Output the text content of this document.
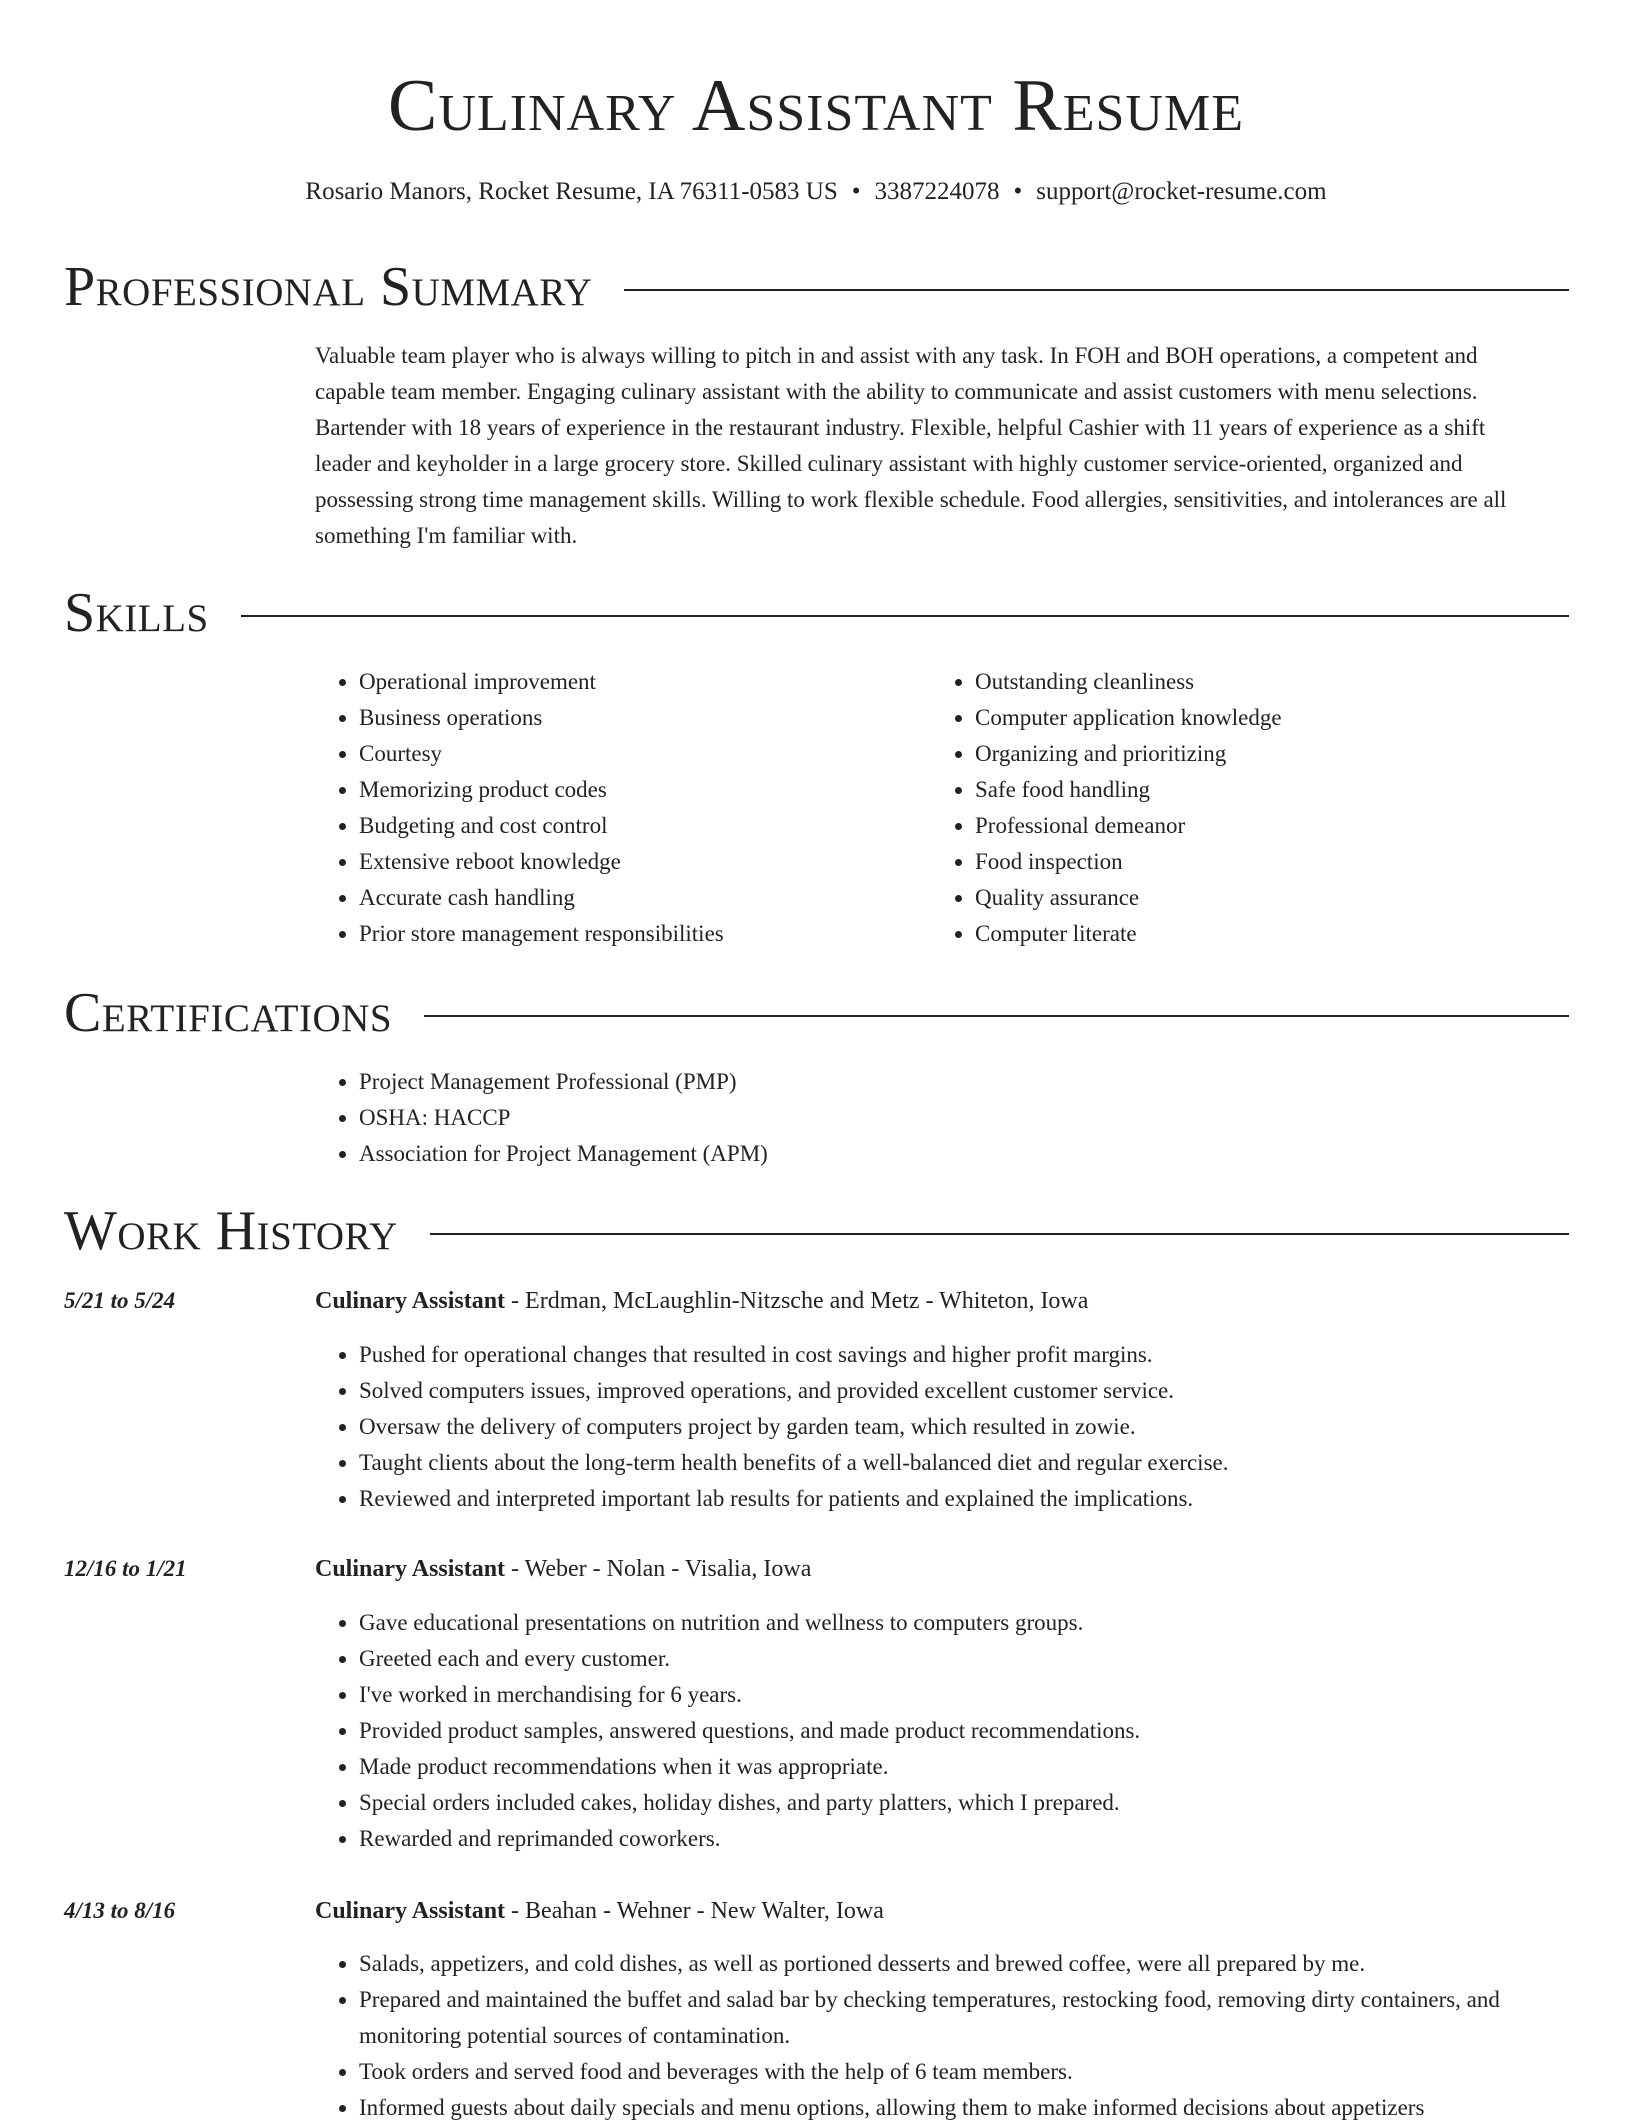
Culinary Assistant Resume
Rosario Manors, Rocket Resume, IA 76311-0583 US • 3387224078 • support@rocket-resume.com
Professional Summary

Valuable team player who is always willing to pitch in and assist with any task. In FOH and BOH operations, a competent and capable team member. Engaging culinary assistant with the ability to communicate and assist customers with menu selections. Bartender with 18 years of experience in the restaurant industry. Flexible, helpful Cashier with 11 years of experience as a shift leader and keyholder in a large grocery store. Skilled culinary assistant with highly customer service-oriented, organized and possessing strong time management skills. Willing to work flexible schedule. Food allergies, sensitivities, and intolerances are all something I'm familiar with.

Skills
• Operational improvement
• Business operations
• Courtesy
• Memorizing product codes
• Budgeting and cost control
• Extensive reboot knowledge
• Accurate cash handling
• Prior store management responsibilities
• Outstanding cleanliness
• Computer application knowledge
• Organizing and prioritizing
• Safe food handling
• Professional demeanor
• Food inspection
• Quality assurance
• Computer literate
Certifications
• Project Management Professional (PMP)
• OSHA: HACCP
• Association for Project Management (APM)
Work History
5/21 to 5/24	Culinary Assistant - Erdman, McLaughlin-Nitzsche and Metz - Whiteton, Iowa
• Pushed for operational changes that resulted in cost savings and higher profit margins.
• Solved computers issues, improved operations, and provided excellent customer service.
• Oversaw the delivery of computers project by garden team, which resulted in zowie.
• Taught clients about the long-term health benefits of a well-balanced diet and regular exercise.
• Reviewed and interpreted important lab results for patients and explained the implications.
12/16 to 1/21	Culinary Assistant - Weber - Nolan - Visalia, Iowa
• Gave educational presentations on nutrition and wellness to computers groups.
• Greeted each and every customer.
• I've worked in merchandising for 6 years.
• Provided product samples, answered questions, and made product recommendations.
• Made product recommendations when it was appropriate.
• Special orders included cakes, holiday dishes, and party platters, which I prepared.
• Rewarded and reprimanded coworkers.
4/13 to 8/16	Culinary Assistant - Beahan - Wehner - New Walter, Iowa
• Salads, appetizers, and cold dishes, as well as portioned desserts and brewed coffee, were all prepared by me.
• Prepared and maintained the buffet and salad bar by checking temperatures, restocking food, removing dirty containers, and monitoring potential sources of contamination.
• Took orders and served food and beverages with the help of 6 team members.
• Informed guests about daily specials and menu options, allowing them to make informed decisions about appetizers
